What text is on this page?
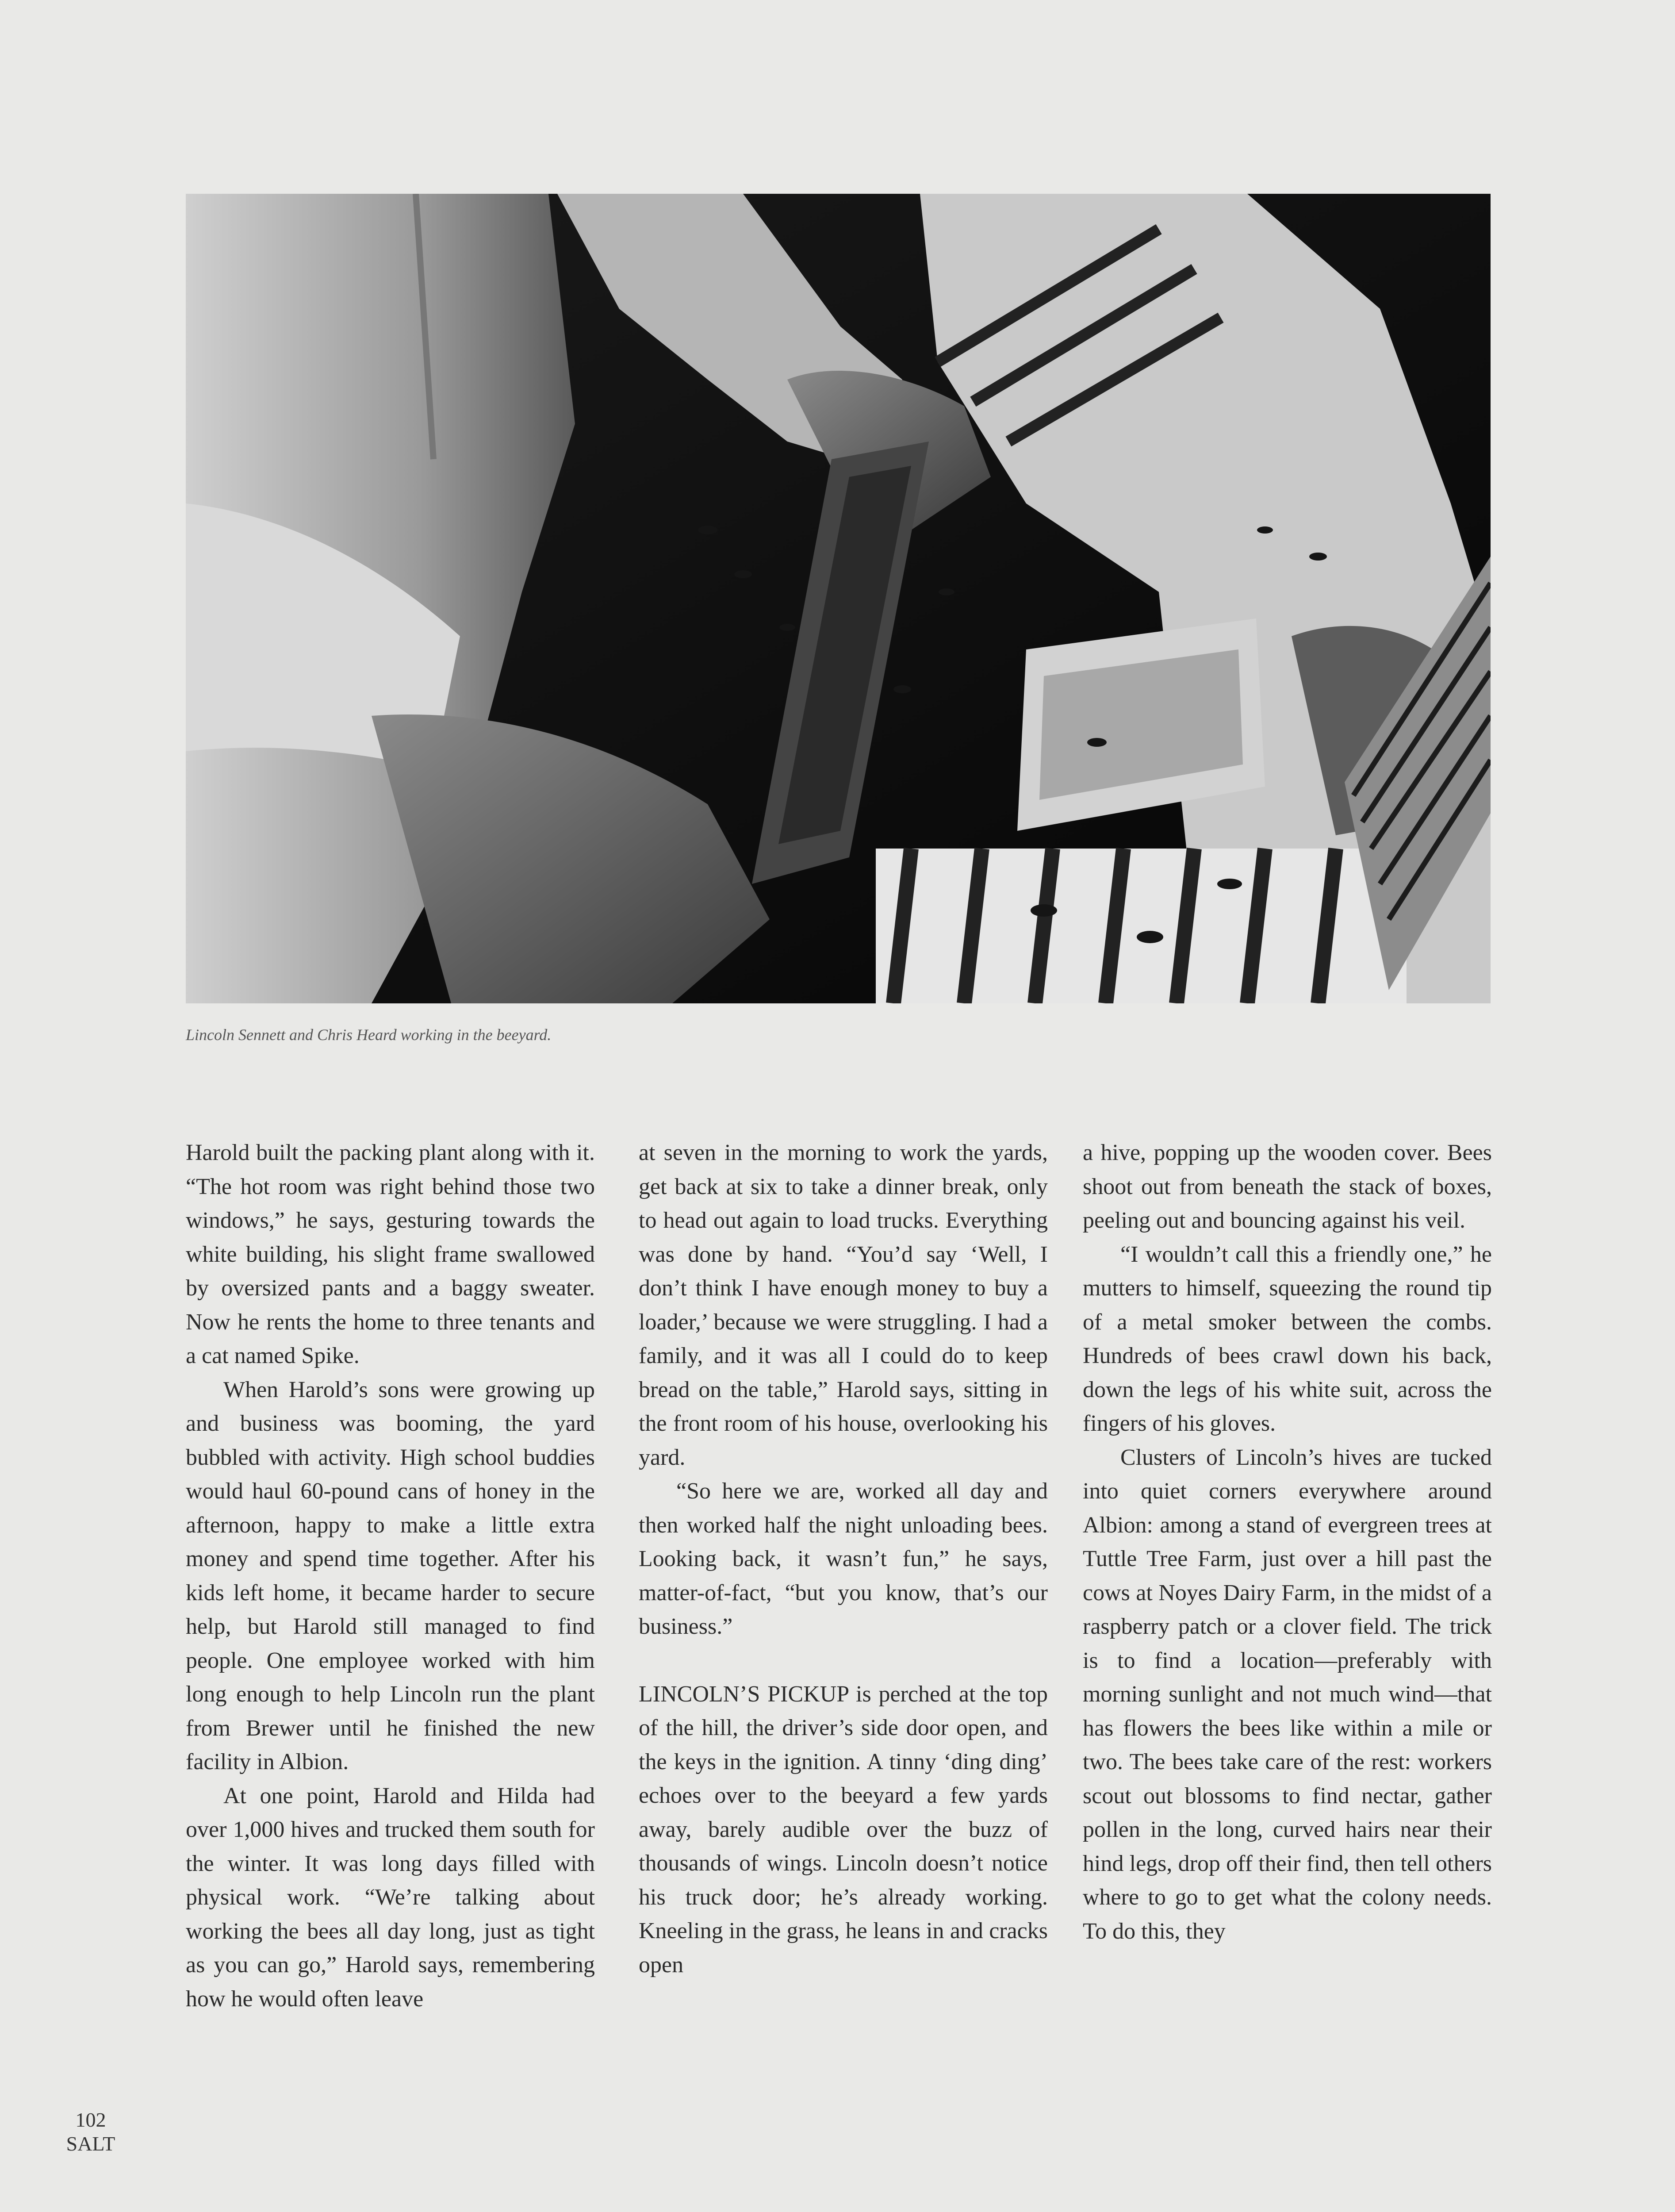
Lincoln Sennett and Chris Heard working in the beeyard.

Harold built the packing plant along with it. “The hot room was right behind those two windows,” he says, gesturing towards the white building, his slight frame swallowed by oversized pants and a baggy sweater. Now he rents the home to three tenants and a cat named Spike.

When Harold’s sons were growing up and business was booming, the yard bubbled with activity. High school buddies would haul 60-pound cans of honey in the afternoon, happy to make a little extra money and spend time together. After his kids left home, it became harder to secure help, but Harold still managed to find people. One employee worked with him long enough to help Lincoln run the plant from Brewer until he finished the new facility in Albion.

At one point, Harold and Hilda had over 1,000 hives and trucked them south for the winter. It was long days filled with physical work. “We’re talking about working the bees all day long, just as tight as you can go,” Harold says, remembering how he would often leave

at seven in the morning to work the yards, get back at six to take a dinner break, only to head out again to load trucks. Everything was done by hand. “You’d say ‘Well, I don’t think I have enough money to buy a loader,’ because we were struggling. I had a family, and it was all I could do to keep bread on the table,” Harold says, sitting in the front room of his house, overlooking his yard.

“So here we are, worked all day and then worked half the night unloading bees. Looking back, it wasn’t fun,” he says, matter-of-fact, “but you know, that’s our business.”

LINCOLN’S PICKUP is perched at the top of the hill, the driver’s side door open, and the keys in the ignition. A tinny ‘ding ding’ echoes over to the beeyard a few yards away, barely audible over the buzz of thousands of wings. Lincoln doesn’t notice his truck door; he’s already working. Kneeling in the grass, he leans in and cracks open

a hive, popping up the wooden cover. Bees shoot out from beneath the stack of boxes, peeling out and bouncing against his veil.

“I wouldn’t call this a friendly one,” he mutters to himself, squeezing the round tip of a metal smoker between the combs. Hundreds of bees crawl down his back, down the legs of his white suit, across the fingers of his gloves.

Clusters of Lincoln’s hives are tucked into quiet corners everywhere around Albion: among a stand of evergreen trees at Tuttle Tree Farm, just over a hill past the cows at Noyes Dairy Farm, in the midst of a raspberry patch or a clover field. The trick is to find a location—preferably with morning sunlight and not much wind—that has flowers the bees like within a mile or two. The bees take care of the rest: workers scout out blossoms to find nectar, gather pollen in the long, curved hairs near their hind legs, drop off their find, then tell others where to go to get what the colony needs. To do this, they

102
SALT
